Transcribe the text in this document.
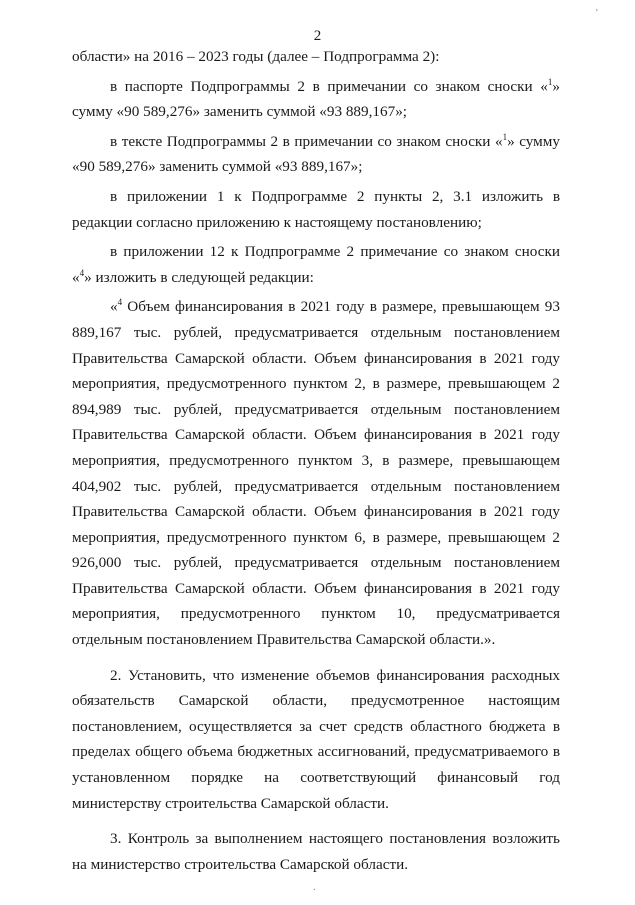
'
2

области» на 2016 – 2023 годы (далее – Подпрограмма 2):

в паспорте Подпрограммы 2 в примечании со знаком сноски «$^1$» сумму «90 589,276» заменить суммой «93 889,167»;

в тексте Подпрограммы 2 в примечании со знаком сноски «$^1$» сумму «90 589,276» заменить суммой «93 889,167»;

в приложении 1 к Подпрограмме 2 пункты 2, 3.1 изложить в редакции согласно приложению к настоящему постановлению;

в приложении 12 к Подпрограмме 2 примечание со знаком сноски «$^4$» изложить в следующей редакции:

«$^4$ Объем финансирования в 2021 году в размере, превышающем 93 889,167 тыс. рублей, предусматривается отдельным постановлением Правительства Самарской области. Объем финансирования в 2021 году мероприятия, предусмотренного пунктом 2, в размере, превышающем 2 894,989 тыс. рублей, предусматривается отдельным постановлением Правительства Самарской области. Объем финансирования в 2021 году мероприятия, предусмотренного пунктом 3, в размере, превышающем 404,902 тыс. рублей, предусматривается отдельным постановлением Правительства Самарской области. Объем финансирования в 2021 году мероприятия, предусмотренного пунктом 6, в размере, превышающем 2 926,000 тыс. рублей, предусматривается отдельным постановлением Правительства Самарской области. Объем финансирования в 2021 году мероприятия, предусмотренного пунктом 10, предусматривается отдельным постановлением Правительства Самарской области.».

2. Установить, что изменение объемов финансирования расходных обязательств Самарской области, предусмотренное настоящим постановлением, осуществляется за счет средств областного бюджета в пределах общего объема бюджетных ассигнований, предусматриваемого в установленном порядке на соответствующий финансовый год министерству строительства Самарской области.

3. Контроль за выполнением настоящего постановления возложить на министерство строительства Самарской области.

.
